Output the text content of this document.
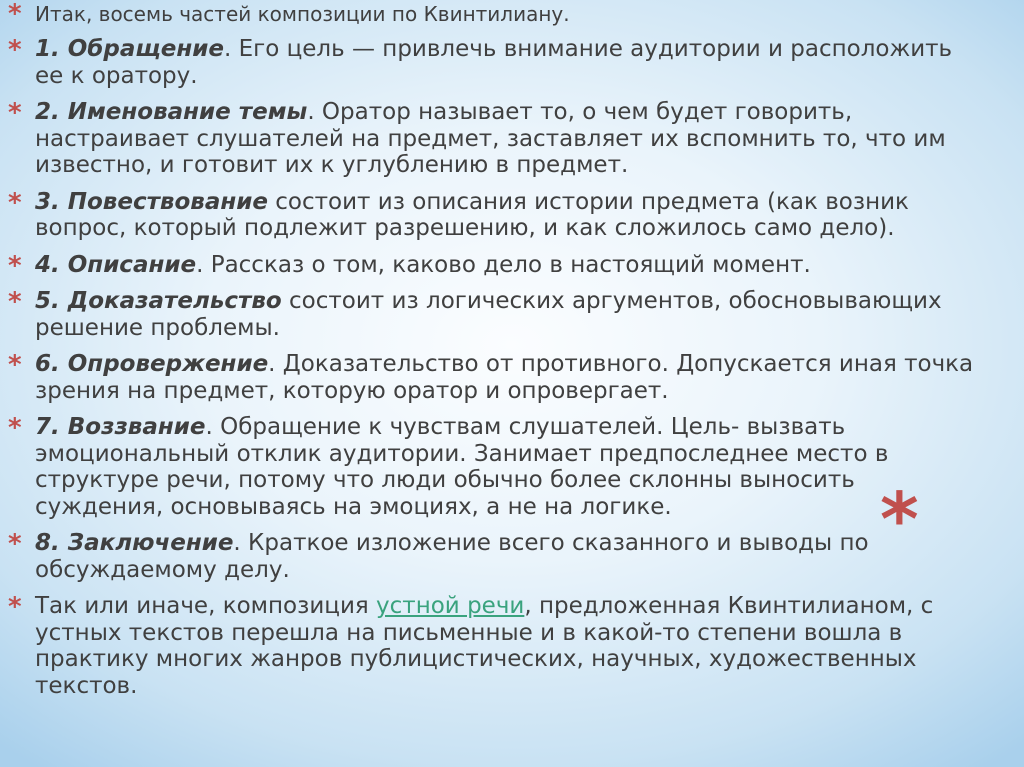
* Итак, восемь частей композиции по Квинтилиану.
* 1. Обращение. Его цель — привлечь внимание аудитории и расположить
ее к оратору.
* 2. Именование темы. Оратор называет то, о чем будет говорить,
настраивает слушателей на предмет, заставляет их вспомнить то, что им
известно, и готовит их к углублению в предмет.
* 3. Повествование состоит из описания истории предмета (как возник
вопрос, который подлежит разрешению, и как сложилось само дело).
* 4. Описание. Рассказ о том, каково дело в настоящий момент.
* 5. Доказательство состоит из логических аргументов, обосновывающих
решение проблемы.
* 6. Опровержение. Доказательство от противного. Допускается иная точка
зрения на предмет, которую оратор и опровергает.
* 7. Воззвание. Обращение к чувствам слушателей. Цель- вызвать
эмоциональный отклик аудитории. Занимает предпоследнее место в
структуре речи, потому что люди обычно более склонны выносить
суждения, основываясь на эмоциях, а не на логике.
* 8. Заключение. Краткое изложение всего сказанного и выводы по
обсуждаемому делу.
* Так или иначе, композиция устной речи, предложенная Квинтилианом, с
устных текстов перешла на письменные и в какой-то степени вошла в
практику многих жанров публицистических, научных, художественных
текстов.
*
